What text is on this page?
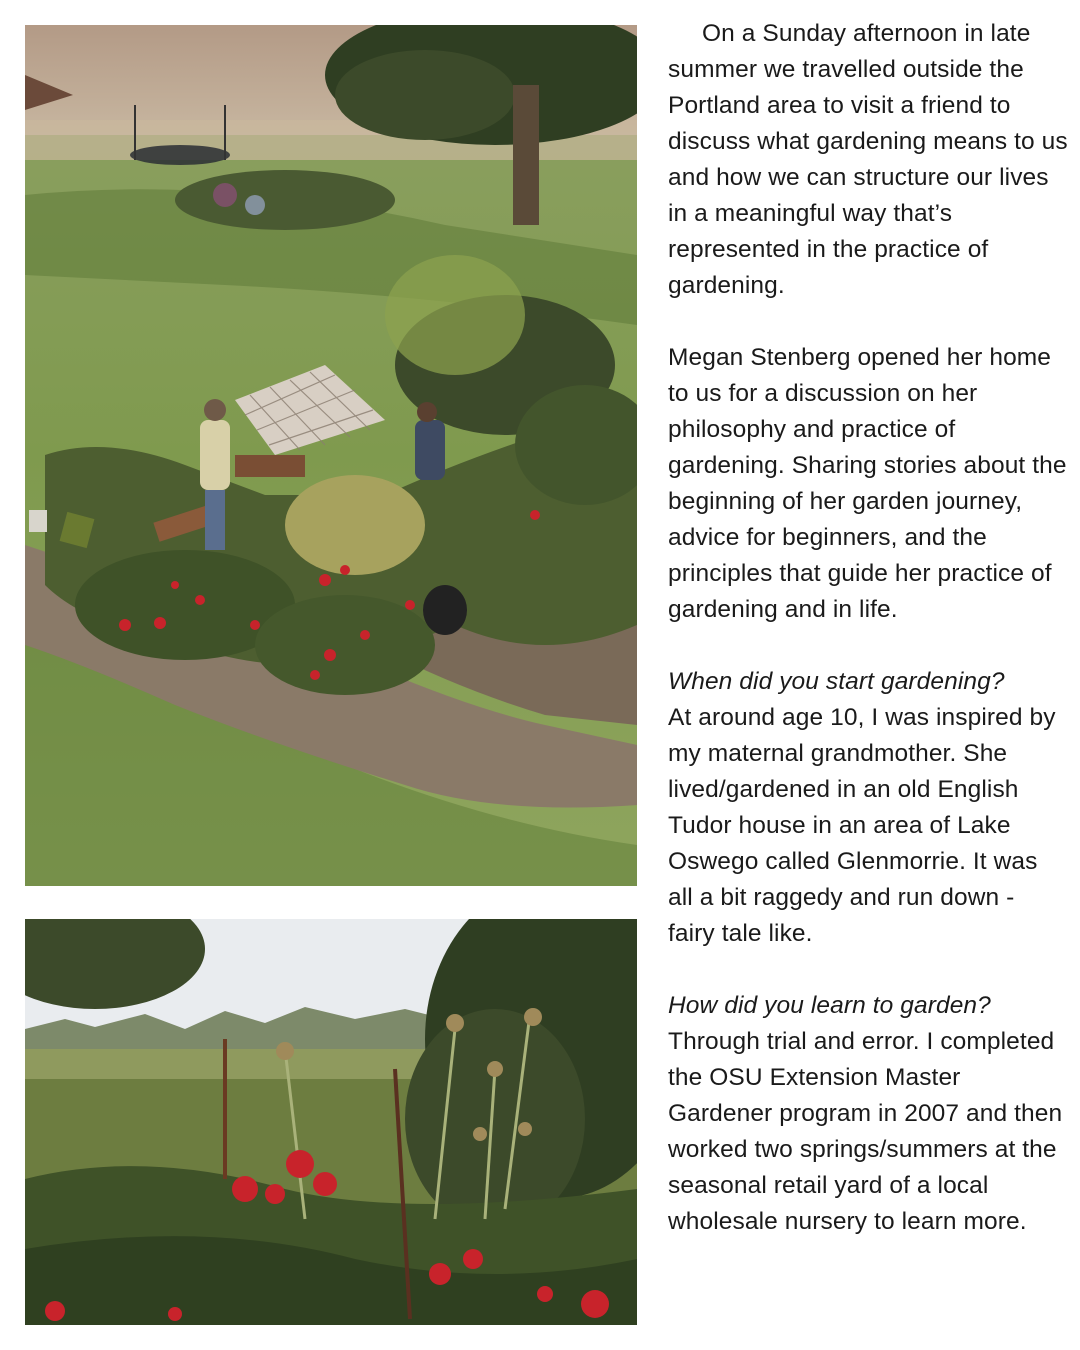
On a Sunday afternoon in late summer we travelled outside the Portland area to visit a friend to discuss what gardening means to us and how we can structure our lives in a meaningful way that’s represented in the practice of gardening.

Megan Stenberg opened her home to us for a discussion on her philosophy and practice of gardening. Sharing stories about the beginning of her garden journey, advice for beginners, and the principles that guide her practice of gardening and in life.

When did you start gardening?
At around age 10, I was inspired by my maternal grandmother. She lived/gardened in an old English Tudor house in an area of Lake Oswego called Glenmorrie. It was all a bit raggedy and run down - fairy tale like.

How did you learn to garden?
Through trial and error. I completed the OSU Extension Master Gardener program in 2007 and then worked two springs/summers at the seasonal retail yard of a local wholesale nursery to learn more.
